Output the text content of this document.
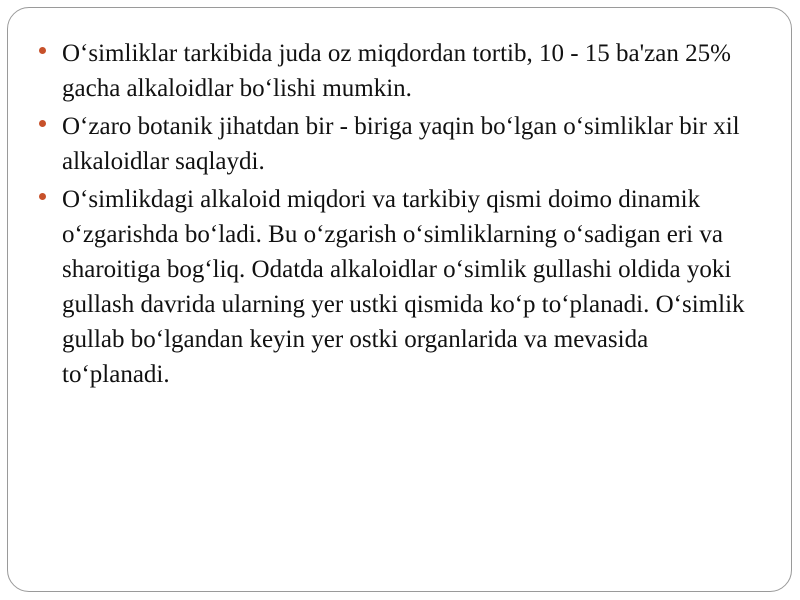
O‘simliklar tarkibida juda oz miqdordan tortib, 10 - 15 ba'zan 25% gacha alkaloidlar bo‘lishi mumkin.
O‘zaro botanik jihatdan bir - biriga yaqin bo‘lgan o‘simliklar bir xil alkaloidlar saqlaydi.
O‘simlikdagi alkaloid miqdori va tarkibiy qismi doimo dinamik o‘zgarishda bo‘ladi. Bu o‘zgarish o‘simliklarning o‘sadigan eri va sharoitiga bog‘liq. Odatda alkaloidlar o‘simlik gullashi oldida yoki gullash davrida ularning yer ustki qismida ko‘p to‘planadi. O‘simlik gullab bo‘lgandan keyin yer ostki organlarida va mevasida to‘planadi.
